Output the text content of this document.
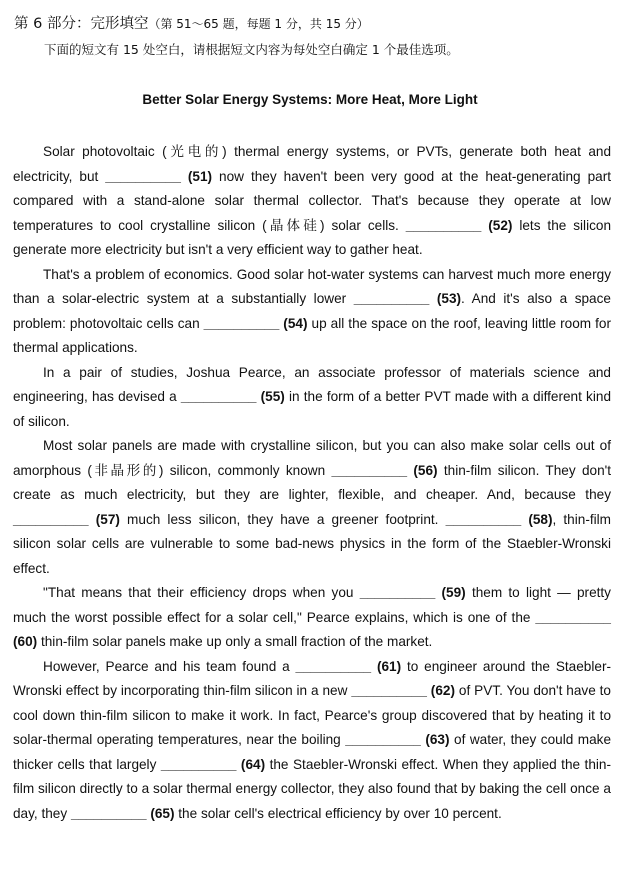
第 6 部分：完形填空（第 51～65 题，每题 1 分，共 15 分）
下面的短文有 15 处空白，请根据短文内容为每处空白确定 1 个最佳选项。
Better Solar Energy Systems: More Heat, More Light

Solar photovoltaic (光电的) thermal energy systems, or PVTs, generate both heat and electricity, but __________ (51) now they haven't been very good at the heat-generating part compared with a stand-alone solar thermal collector. That's because they operate at low temperatures to cool crystalline silicon (晶体硅) solar cells. __________ (52) lets the silicon generate more electricity but isn't a very efficient way to gather heat.

That's a problem of economics. Good solar hot-water systems can harvest much more energy than a solar-electric system at a substantially lower __________ (53). And it's also a space problem: photovoltaic cells can __________ (54) up all the space on the roof, leaving little room for thermal applications.

In a pair of studies, Joshua Pearce, an associate professor of materials science and engineering, has devised a __________ (55) in the form of a better PVT made with a different kind of silicon.

Most solar panels are made with crystalline silicon, but you can also make solar cells out of amorphous (非晶形的) silicon, commonly known __________ (56) thin-film silicon. They don't create as much electricity, but they are lighter, flexible, and cheaper. And, because they __________ (57) much less silicon, they have a greener footprint. __________ (58), thin-film silicon solar cells are vulnerable to some bad-news physics in the form of the Staebler-Wronski effect.

"That means that their efficiency drops when you __________ (59) them to light — pretty much the worst possible effect for a solar cell," Pearce explains, which is one of the __________ (60) thin-film solar panels make up only a small fraction of the market.

However, Pearce and his team found a __________ (61) to engineer around the Staebler-Wronski effect by incorporating thin-film silicon in a new __________ (62) of PVT. You don't have to cool down thin-film silicon to make it work. In fact, Pearce's group discovered that by heating it to solar-thermal operating temperatures, near the boiling __________ (63) of water, they could make thicker cells that largely __________ (64) the Staebler-Wronski effect. When they applied the thin-film silicon directly to a solar thermal energy collector, they also found that by baking the cell once a day, they __________ (65) the solar cell's electrical efficiency by over 10 percent.
